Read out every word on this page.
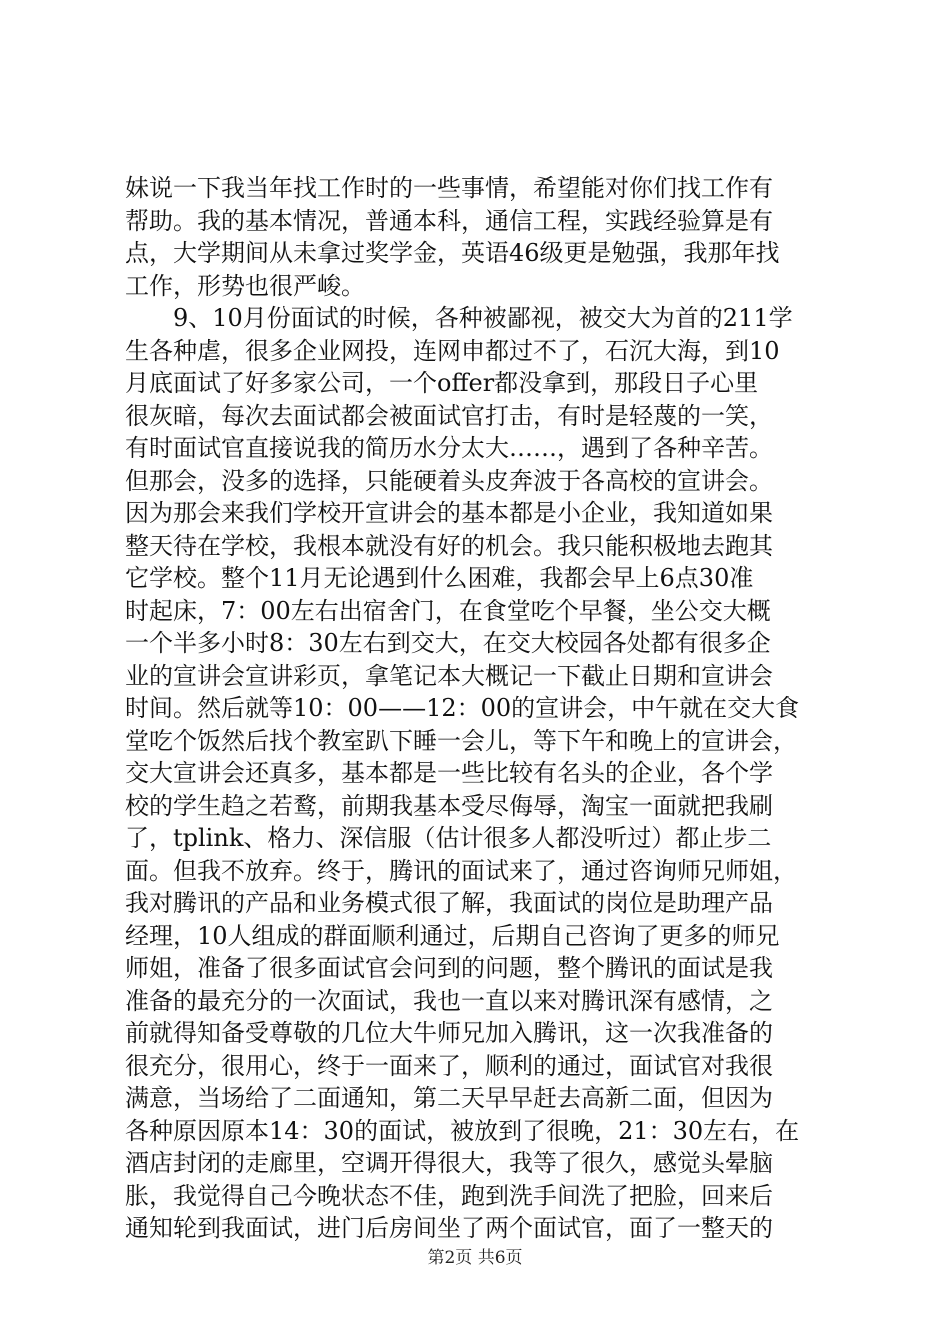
妹说一下我当年找工作时的一些事情，希望能对你们找工作有
帮助。我的基本情况，普通本科，通信工程，实践经验算是有
点，大学期间从未拿过奖学金，英语46级更是勉强，我那年找
工作，形势也很严峻。
　　9、10月份面试的时候，各种被鄙视，被交大为首的211学
生各种虐，很多企业网投，连网申都过不了，石沉大海，到10
月底面试了好多家公司，一个offer都没拿到，那段日子心里
很灰暗，每次去面试都会被面试官打击，有时是轻蔑的一笑，
有时面试官直接说我的简历水分太大……，遇到了各种辛苦。
但那会，没多的选择，只能硬着头皮奔波于各高校的宣讲会。
因为那会来我们学校开宣讲会的基本都是小企业，我知道如果
整天待在学校，我根本就没有好的机会。我只能积极地去跑其
它学校。整个11月无论遇到什么困难，我都会早上6点30准
时起床，7：00左右出宿舍门，在食堂吃个早餐，坐公交大概
一个半多小时8：30左右到交大，在交大校园各处都有很多企
业的宣讲会宣讲彩页，拿笔记本大概记一下截止日期和宣讲会
时间。然后就等10：00——12：00的宣讲会，中午就在交大食
堂吃个饭然后找个教室趴下睡一会儿，等下午和晚上的宣讲会，
交大宣讲会还真多，基本都是一些比较有名头的企业，各个学
校的学生趋之若鹜，前期我基本受尽侮辱，淘宝一面就把我刷
了，tplink、格力、深信服（估计很多人都没听过）都止步二
面。但我不放弃。终于，腾讯的面试来了，通过咨询师兄师姐，
我对腾讯的产品和业务模式很了解，我面试的岗位是助理产品
经理，10人组成的群面顺利通过，后期自己咨询了更多的师兄
师姐，准备了很多面试官会问到的问题，整个腾讯的面试是我
准备的最充分的一次面试，我也一直以来对腾讯深有感情，之
前就得知备受尊敬的几位大牛师兄加入腾讯，这一次我准备的
很充分，很用心，终于一面来了，顺利的通过，面试官对我很
满意，当场给了二面通知，第二天早早赶去高新二面，但因为
各种原因原本14：30的面试，被放到了很晚，21：30左右，在
酒店封闭的走廊里，空调开得很大，我等了很久，感觉头晕脑
胀，我觉得自己今晚状态不佳，跑到洗手间洗了把脸，回来后
通知轮到我面试，进门后房间坐了两个面试官，面了一整天的
第2页 共6页
